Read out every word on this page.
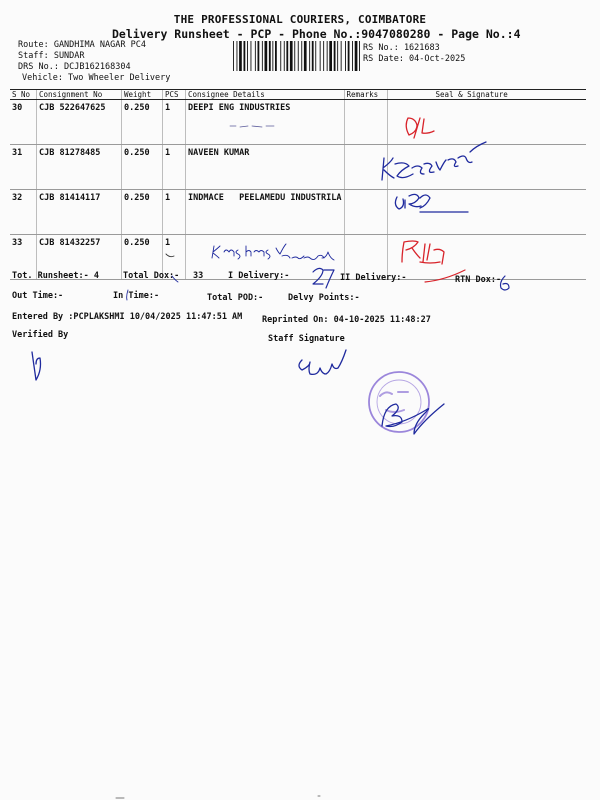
THE PROFESSIONAL COURIERS, COIMBATORE
Delivery Runsheet - PCP - Phone No.:9047080280 - Page No.:4
Route: GANDHIMA NAGAR PC4
Staff: SUNDAR
DRS No.: DCJB162168304
Vehicle: Two Wheeler Delivery
RS No.: 1621683
RS Date: 04-Oct-2025
S No	Consignment No	Weight	PCS	Consignee Details	Remarks	Seal & Signature
30	CJB 522647625	0.250	1	DEEPI ENG INDUSTRIES		
31	CJB 81278485	0.250	1	NAVEEN KUMAR		
32	CJB 81414117	0.250	1	INDMACE   PEELAMEDU INDUSTRILA		
33	CJB 81432257	0.250	1			
Tot. Runsheet:- 4	Total Dox:- 33	I Delivery:-	II Delivery:-	RTN Dox:-
Out Time:-	In Time:-	Total POD:-	Delvy Points:-
Entered By :PCPLAKSHMI 10/04/2025 11:47:51 AM Reprinted On: 04-10-2025 11:48:27
Verified By	Staff Signature
